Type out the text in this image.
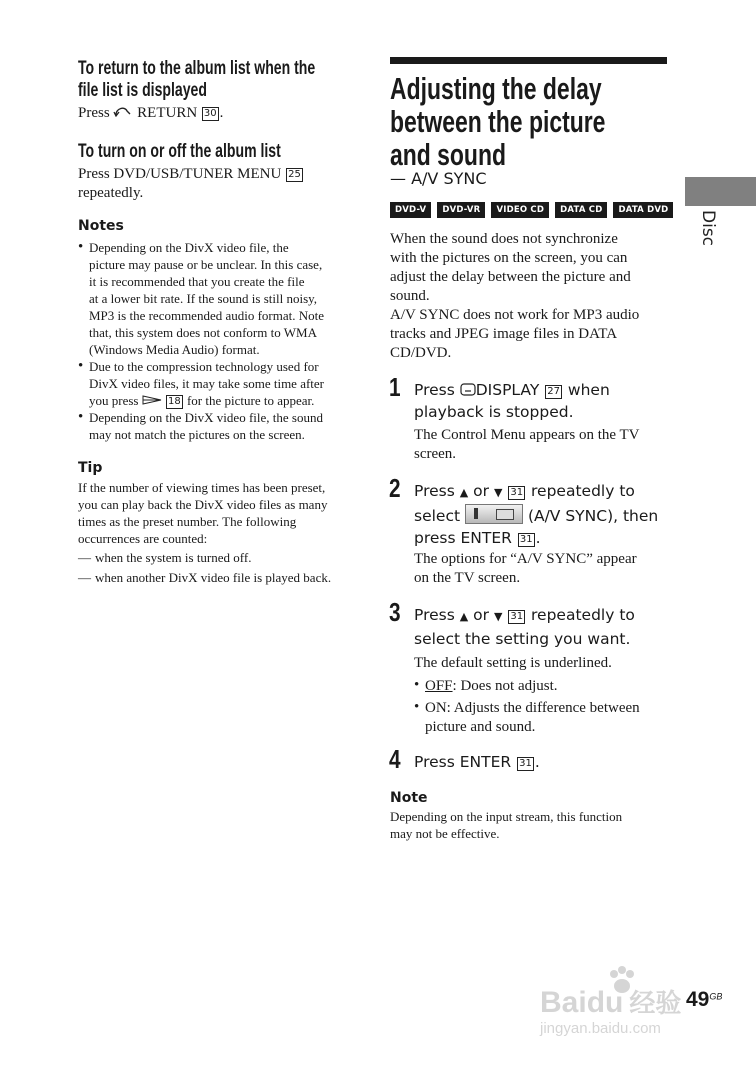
To return to the album list when the
file list is displayed
Press RETURN 30 .
To turn on or off the album list
Press DVD/USB/TUNER MENU 25
repeatedly.
Notes
• Depending on the DivX video file, the
picture may pause or be unclear. In this case,
it is recommended that you create the file
at a lower bit rate. If the sound is still noisy,
MP3 is the recommended audio format. Note
that, this system does not conform to WMA
(Windows Media Audio) format.
• Due to the compression technology used for
DivX video files, it may take some time after
you press	18 for the picture to appear.
• Depending on the DivX video file, the sound
may not match the pictures on the screen.
Tip
If the number of viewing times has been preset,
you can play back the DivX video files as many
times as the preset number. The following
occurrences are counted:
— when the system is turned off.
— when another DivX video file is played back.
Adjusting the delay
between the picture
and sound
— A/V SYNC
DVD-V DVD-VR VIDEO CD DATA CD DATA DVD
When the sound does not synchronize
with the pictures on the screen, you can
adjust the delay between the picture and
sound.
A/V SYNC does not work for MP3 audio
tracks and JPEG image files in DATA
CD/DVD.
1 Press DISPLAY 27 when
playback is stopped.
The Control Menu appears on the TV
screen.
2 Press ▲ or ▼ 31 repeatedly to
select	(A/V SYNC), then
press ENTER 31 .
The options for “A/V SYNC” appear
on the TV screen.
3 Press ▲ or ▼ 31 repeatedly to
select the setting you want.
The default setting is underlined.
• OFF: Does not adjust.
• ON: Adjusts the difference between
picture and sound.
4 Press ENTER 31 .
Note
Depending on the input stream, this function
may not be effective.
Disc
Baidu 经验
jingyan.baidu.com
$49^{GB}$
